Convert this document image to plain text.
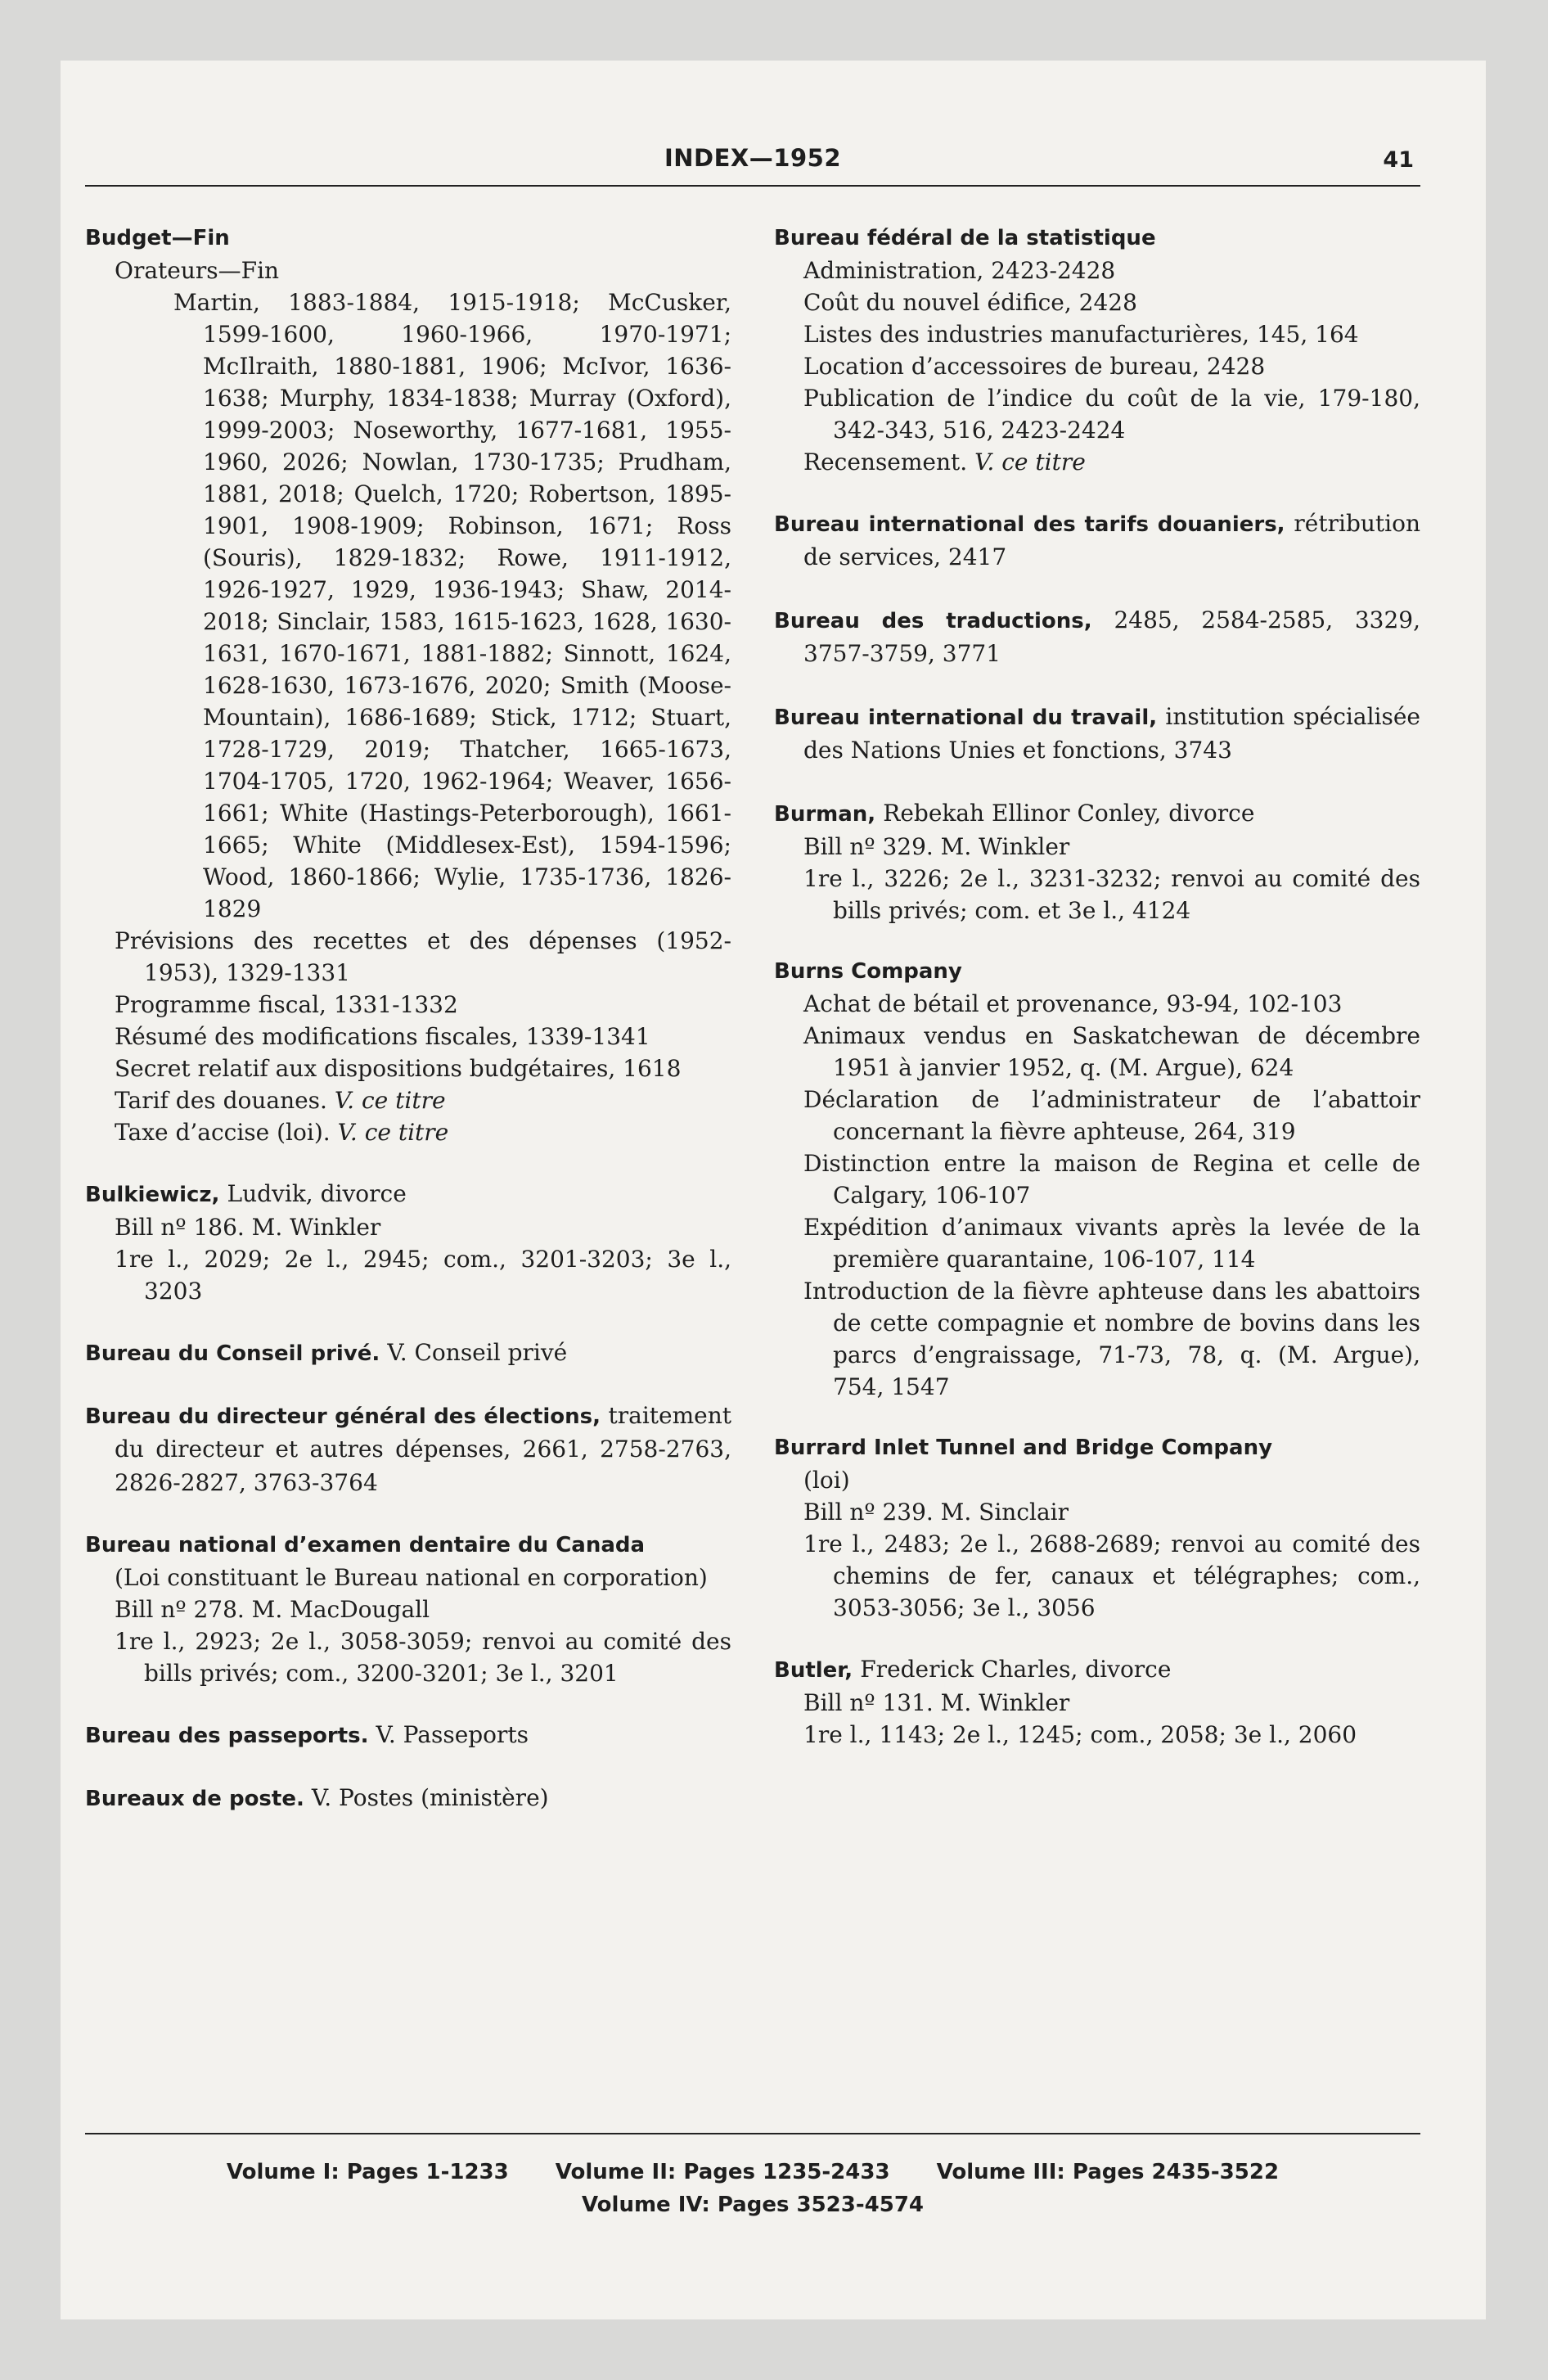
INDEX—1952	41
Budget—Fin
Orateurs—Fin
Martin, 1883-1884, 1915-1918; McCusker, 1599-1600, 1960-1966, 1970-1971; McIlraith, 1880-1881, 1906; McIvor, 1636-1638; Murphy, 1834-1838; Murray (Oxford), 1999-2003; Noseworthy, 1677-1681, 1955-1960, 2026; Nowlan, 1730-1735; Prudham, 1881, 2018; Quelch, 1720; Robertson, 1895-1901, 1908-1909; Robinson, 1671; Ross (Souris), 1829-1832; Rowe, 1911-1912, 1926-1927, 1929, 1936-1943; Shaw, 2014-2018; Sinclair, 1583, 1615-1623, 1628, 1630-1631, 1670-1671, 1881-1882; Sinnott, 1624, 1628-1630, 1673-1676, 2020; Smith (Moose-Mountain), 1686-1689; Stick, 1712; Stuart, 1728-1729, 2019; Thatcher, 1665-1673, 1704-1705, 1720, 1962-1964; Weaver, 1656-1661; White (Hastings-Peterborough), 1661-1665; White (Middlesex-Est), 1594-1596; Wood, 1860-1866; Wylie, 1735-1736, 1826-1829
Prévisions des recettes et des dépenses (1952-1953), 1329-1331
Programme fiscal, 1331-1332
Résumé des modifications fiscales, 1339-1341
Secret relatif aux dispositions budgétaires, 1618
Tarif des douanes. V. ce titre
Taxe d’accise (loi). V. ce titre
Bulkiewicz, Ludvik, divorce
Bill nº 186. M. Winkler
1re l., 2029; 2e l., 2945; com., 3201-3203; 3e l., 3203
Bureau du Conseil privé. V. Conseil privé
Bureau du directeur général des élections, traitement du directeur et autres dépenses, 2661, 2758-2763, 2826-2827, 3763-3764
Bureau national d’examen dentaire du Canada
(Loi constituant le Bureau national en corporation)
Bill nº 278. M. MacDougall
1re l., 2923; 2e l., 3058-3059; renvoi au comité des bills privés; com., 3200-3201; 3e l., 3201
Bureau des passeports. V. Passeports
Bureaux de poste. V. Postes (ministère)
Bureau fédéral de la statistique
Administration, 2423-2428
Coût du nouvel édifice, 2428
Listes des industries manufacturières, 145, 164
Location d’accessoires de bureau, 2428
Publication de l’indice du coût de la vie, 179-180, 342-343, 516, 2423-2424
Recensement. V. ce titre
Bureau international des tarifs douaniers, rétribution de services, 2417
Bureau des traductions, 2485, 2584-2585, 3329, 3757-3759, 3771
Bureau international du travail, institution spécialisée des Nations Unies et fonctions, 3743
Burman, Rebekah Ellinor Conley, divorce
Bill nº 329. M. Winkler
1re l., 3226; 2e l., 3231-3232; renvoi au comité des bills privés; com. et 3e l., 4124
Burns Company
Achat de bétail et provenance, 93-94, 102-103
Animaux vendus en Saskatchewan de décembre 1951 à janvier 1952, q. (M. Argue), 624
Déclaration de l’administrateur de l’abattoir concernant la fièvre aphteuse, 264, 319
Distinction entre la maison de Regina et celle de Calgary, 106-107
Expédition d’animaux vivants après la levée de la première quarantaine, 106-107, 114
Introduction de la fièvre aphteuse dans les abattoirs de cette compagnie et nombre de bovins dans les parcs d’engraissage, 71-73, 78, q. (M. Argue), 754, 1547
Burrard Inlet Tunnel and Bridge Company
(loi)
Bill nº 239. M. Sinclair
1re l., 2483; 2e l., 2688-2689; renvoi au comité des chemins de fer, canaux et télégraphes; com., 3053-3056; 3e l., 3056
Butler, Frederick Charles, divorce
Bill nº 131. M. Winkler
1re l., 1143; 2e l., 1245; com., 2058; 3e l., 2060
Volume I: Pages 1-1233 Volume II: Pages 1235-2433 Volume III: Pages 2435-3522
Volume IV: Pages 3523-4574
